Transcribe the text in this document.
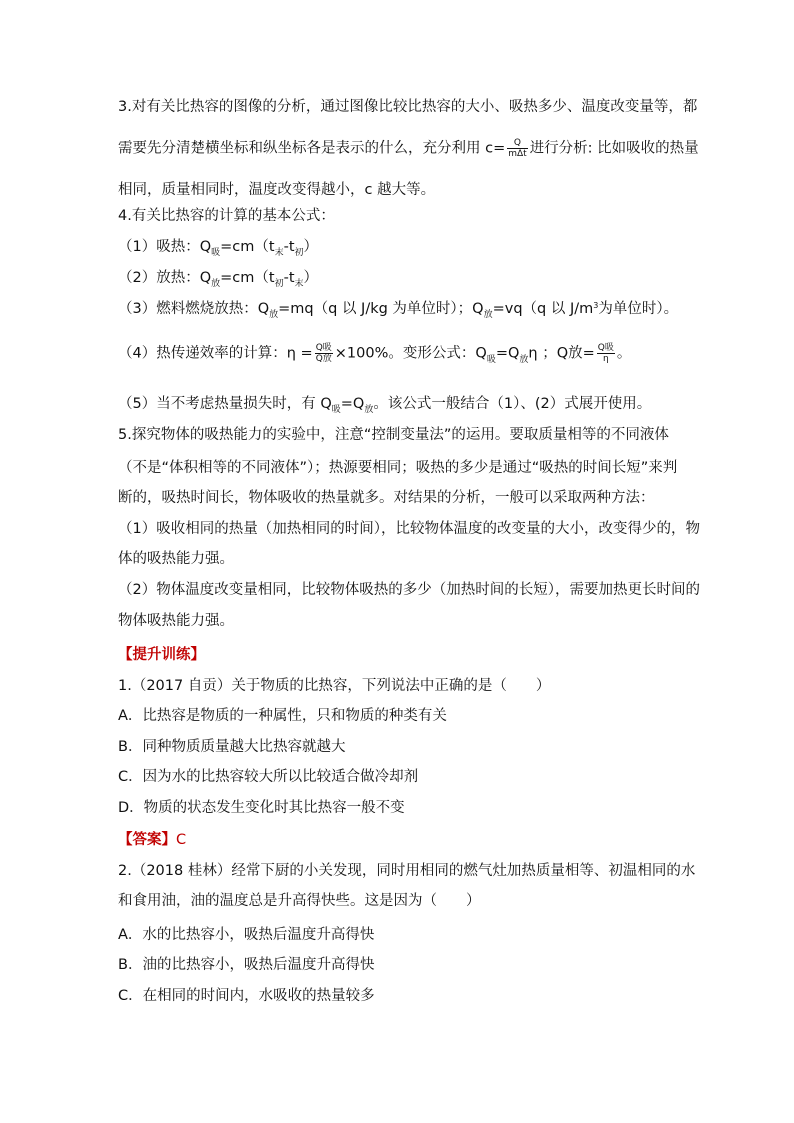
3.对有关比热容的图像的分析，通过图像比较比热容的大小、吸热多少、温度改变量等，都
需要先分清楚横坐标和纵坐标各是表示的什么，充分利用 $c= \frac{Q}{\text{mΔt}}$ 进行分析: 比如吸收的热量
相同，质量相同时，温度改变得越小，c 越大等。
4.有关比热容的计算的基本公式：
（1）吸热：$Q_吸=cm(t_末-t_初)$
（2）放热：$Q_放=cm(t_初-t_末)$
（3）燃料燃烧放热：$Q_放=mq(q$ 以 J/kg 为单位时）；$Q_放=vq(q$ 以 $J/m^3$为单位时）。
（4）热传递效率的计算：$\eta = \frac{\text{Q吸}}{\text{Q放}} \times 100\%$。变形公式：$Q_吸=Q_放\eta$ ；Q放= $\frac{\text{Q吸}}{\eta}$ 。
（5）当不考虑热量损失时，有 $Q_吸=Q_放$。该公式一般结合（1）、(2）式展开使用。
5.探究物体的吸热能力的实验中，注意“控制变量法”的运用。要取质量相等的不同液体
（不是“体积相等的不同液体”）；热源要相同；吸热的多少是通过“吸热的时间长短”来判
断的，吸热时间长，物体吸收的热量就多。对结果的分析，一般可以采取两种方法：
（1）吸收相同的热量（加热相同的时间），比较物体温度的改变量的大小，改变得少的，物
体的吸热能力强。
（2）物体温度改变量相同，比较物体吸热的多少（加热时间的长短），需要加热更长时间的
物体吸热能力强。
【提升训练】
1.（2017 自贡）关于物质的比热容，下列说法中正确的是（　　）
A．比热容是物质的一种属性，只和物质的种类有关
B．同种物质质量越大比热容就越大
C．因为水的比热容较大所以比较适合做冷却剂
D．物质的状态发生变化时其比热容一般不变
【答案】C
2.（2018 桂林）经常下厨的小关发现，同时用相同的燃气灶加热质量相等、初温相同的水
和食用油，油的温度总是升高得快些。这是因为（　　）
A．水的比热容小，吸热后温度升高得快
B．油的比热容小，吸热后温度升高得快
C．在相同的时间内，水吸收的热量较多
